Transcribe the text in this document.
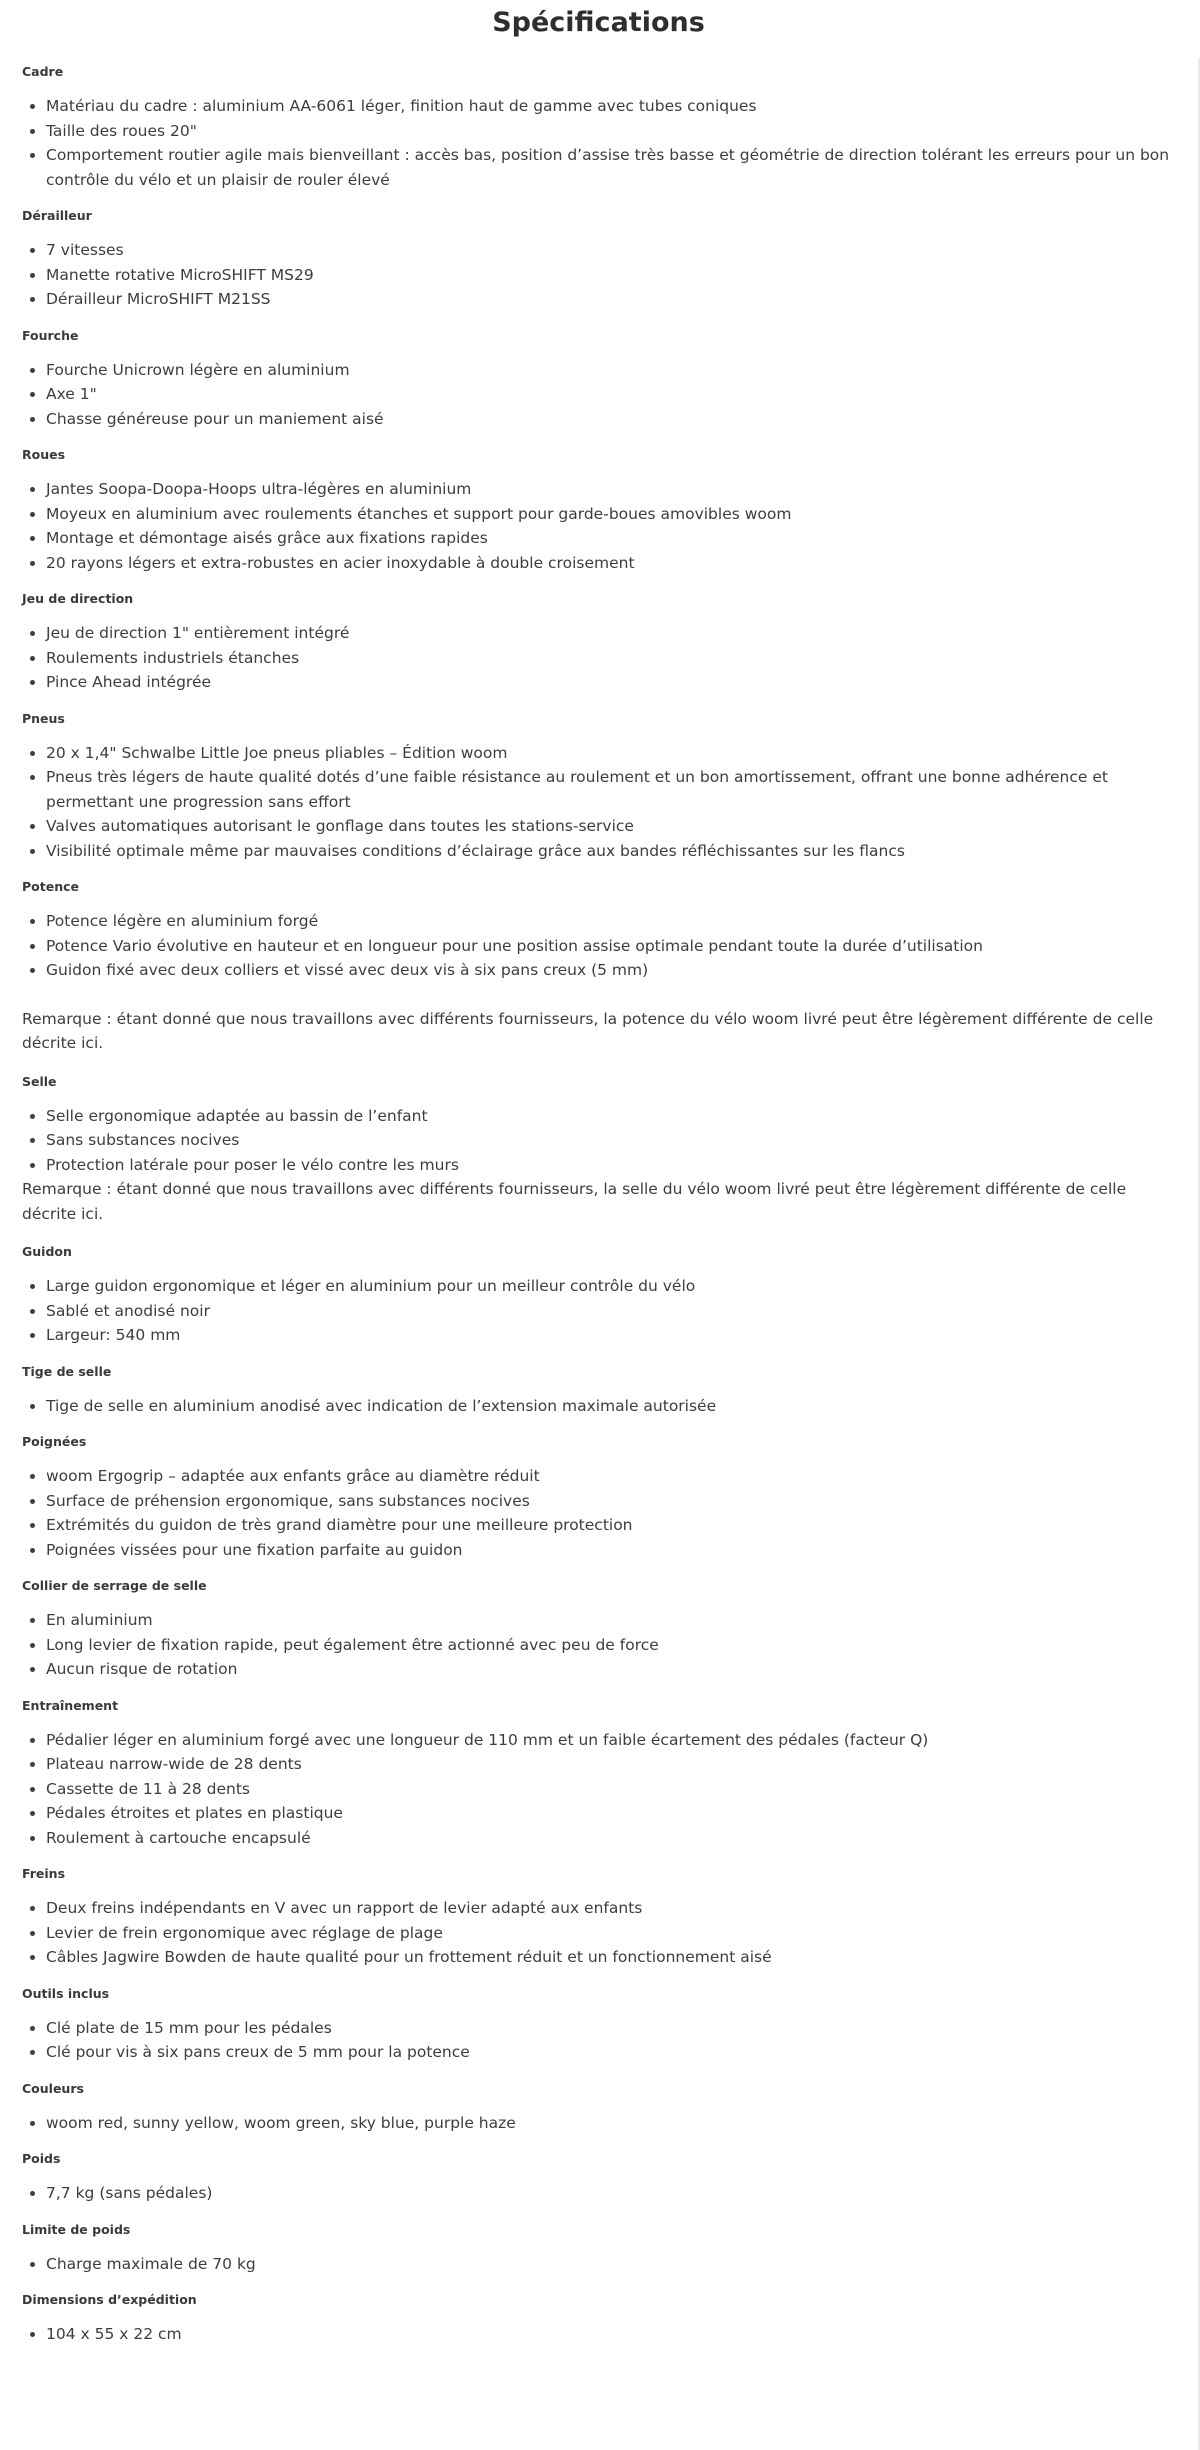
Spécifications
Cadre
• Matériau du cadre : aluminium AA-6061 léger, finition haut de gamme avec tubes coniques
• Taille des roues 20"
• Comportement routier agile mais bienveillant : accès bas, position d’assise très basse et géométrie de direction tolérant les erreurs pour un bon contrôle du vélo et un plaisir de rouler élevé
Dérailleur
• 7 vitesses
• Manette rotative MicroSHIFT MS29
• Dérailleur MicroSHIFT M21SS
Fourche
• Fourche Unicrown légère en aluminium
• Axe 1"
• Chasse généreuse pour un maniement aisé
Roues
• Jantes Soopa-Doopa-Hoops ultra-légères en aluminium
• Moyeux en aluminium avec roulements étanches et support pour garde-boues amovibles woom
• Montage et démontage aisés grâce aux fixations rapides
• 20 rayons légers et extra-robustes en acier inoxydable à double croisement
Jeu de direction
• Jeu de direction 1" entièrement intégré
• Roulements industriels étanches
• Pince Ahead intégrée
Pneus
• 20 x 1,4" Schwalbe Little Joe pneus pliables – Édition woom
• Pneus très légers de haute qualité dotés d’une faible résistance au roulement et un bon amortissement, offrant une bonne adhérence et permettant une progression sans effort
• Valves automatiques autorisant le gonflage dans toutes les stations-service
• Visibilité optimale même par mauvaises conditions d’éclairage grâce aux bandes réfléchissantes sur les flancs
Potence
• Potence légère en aluminium forgé
• Potence Vario évolutive en hauteur et en longueur pour une position assise optimale pendant toute la durée d’utilisation
• Guidon fixé avec deux colliers et vissé avec deux vis à six pans creux (5 mm)

Remarque : étant donné que nous travaillons avec différents fournisseurs, la potence du vélo woom livré peut être légèrement différente de celle décrite ici.

Selle
• Selle ergonomique adaptée au bassin de l’enfant
• Sans substances nocives
• Protection latérale pour poser le vélo contre les murs

Remarque : étant donné que nous travaillons avec différents fournisseurs, la selle du vélo woom livré peut être légèrement différente de celle décrite ici.

Guidon
• Large guidon ergonomique et léger en aluminium pour un meilleur contrôle du vélo
• Sablé et anodisé noir
• Largeur: 540 mm
Tige de selle
• Tige de selle en aluminium anodisé avec indication de l’extension maximale autorisée
Poignées
• woom Ergogrip – adaptée aux enfants grâce au diamètre réduit
• Surface de préhension ergonomique, sans substances nocives
• Extrémités du guidon de très grand diamètre pour une meilleure protection
• Poignées vissées pour une fixation parfaite au guidon
Collier de serrage de selle
• En aluminium
• Long levier de fixation rapide, peut également être actionné avec peu de force
• Aucun risque de rotation
Entraînement
• Pédalier léger en aluminium forgé avec une longueur de 110 mm et un faible écartement des pédales (facteur Q)
• Plateau narrow-wide de 28 dents
• Cassette de 11 à 28 dents
• Pédales étroites et plates en plastique
• Roulement à cartouche encapsulé
Freins
• Deux freins indépendants en V avec un rapport de levier adapté aux enfants
• Levier de frein ergonomique avec réglage de plage
• Câbles Jagwire Bowden de haute qualité pour un frottement réduit et un fonctionnement aisé
Outils inclus
• Clé plate de 15 mm pour les pédales
• Clé pour vis à six pans creux de 5 mm pour la potence
Couleurs
• woom red, sunny yellow, woom green, sky blue, purple haze
Poids
• 7,7 kg (sans pédales)
Limite de poids
• Charge maximale de 70 kg
Dimensions d’expédition
• 104 x 55 x 22 cm
